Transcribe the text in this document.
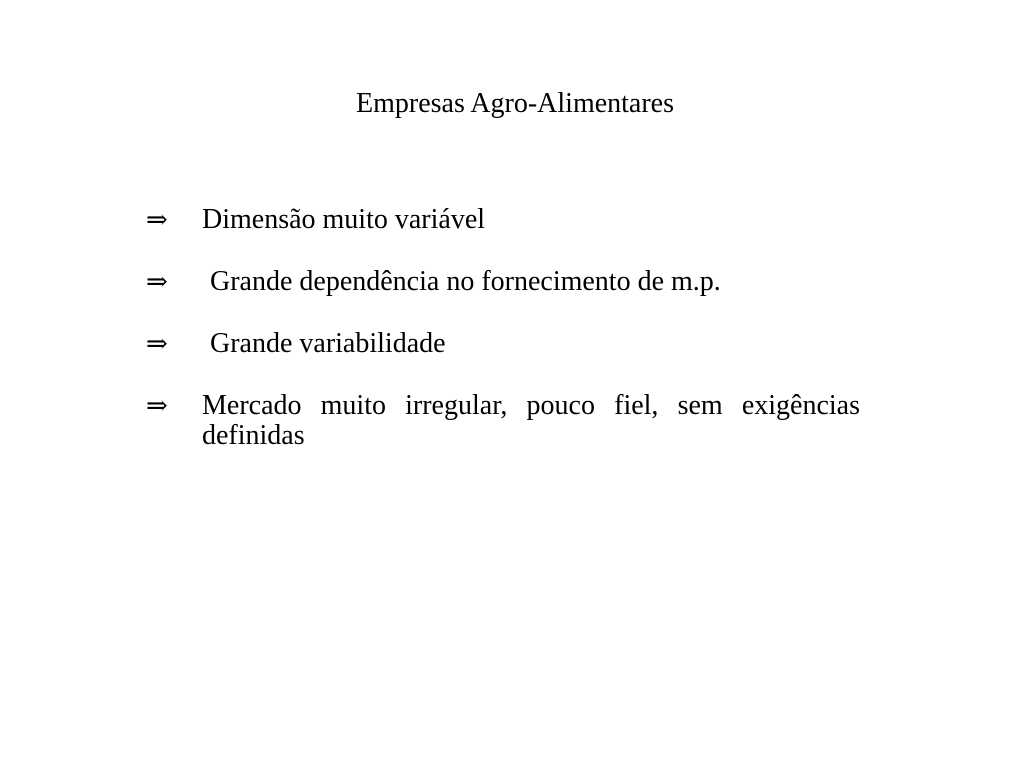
Empresas Agro-Alimentares
⇒	Dimensão muito variável
⇒	Grande dependência no fornecimento de m.p.
⇒	Grande variabilidade
⇒	Mercado muito irregular, pouco fiel, sem exigências definidas
